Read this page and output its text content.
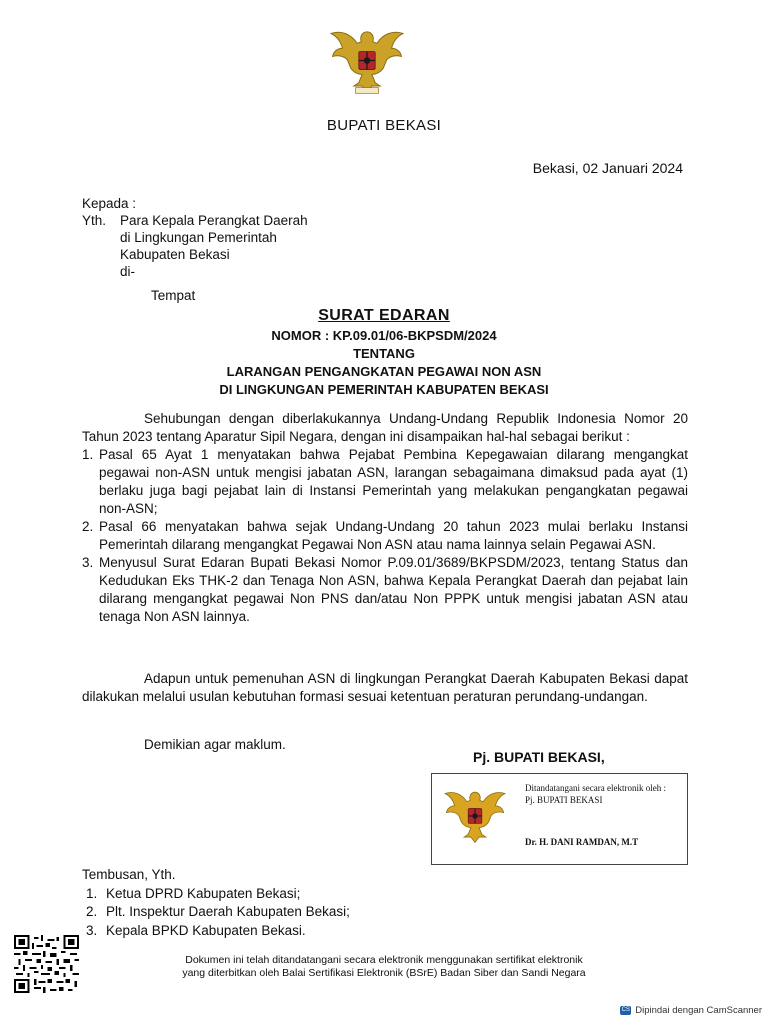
BUPATI BEKASI
Bekasi, 02 Januari 2024
Kepada :
Yth.	Para Kepala Perangkat Daerah
di Lingkungan Pemerintah
Kabupaten Bekasi
di-
Tempat
SURAT EDARAN
NOMOR : KP.09.01/06-BKPSDM/2024
TENTANG
LARANGAN PENGANGKATAN PEGAWAI NON ASN
DI LINGKUNGAN PEMERINTAH KABUPATEN BEKASI

Sehubungan dengan diberlakukannya Undang-Undang Republik Indonesia Nomor 20 Tahun 2023 tentang Aparatur Sipil Negara, dengan ini disampaikan hal-hal sebagai berikut :

1. Pasal 65 Ayat 1 menyatakan bahwa Pejabat Pembina Kepegawaian dilarang mengangkat pegawai non-ASN untuk mengisi jabatan ASN, larangan sebagaimana dimaksud pada ayat (1) berlaku juga bagi pejabat lain di Instansi Pemerintah yang melakukan pengangkatan pegawai non-ASN;
2. Pasal 66 menyatakan bahwa sejak Undang-Undang 20 tahun 2023 mulai berlaku Instansi Pemerintah dilarang mengangkat Pegawai Non ASN atau nama lainnya selain Pegawai ASN.
3. Menyusul Surat Edaran Bupati Bekasi Nomor P.09.01/3689/BKPSDM/2023, tentang Status dan Kedudukan Eks THK-2 dan Tenaga Non ASN, bahwa Kepala Perangkat Daerah dan pejabat lain dilarang mengangkat pegawai Non PNS dan/atau Non PPPK untuk mengisi jabatan ASN atau tenaga Non ASN lainnya.
Adapun untuk pemenuhan ASN di lingkungan Perangkat Daerah Kabupaten Bekasi dapat dilakukan melalui usulan kebutuhan formasi sesuai ketentuan peraturan perundang-undangan.
Demikian agar maklum.
Pj. BUPATI BEKASI,
Ditandatangani secara elektronik oleh :
Pj. BUPATI BEKASI
Dr. H. DANI RAMDAN, M.T
Tembusan, Yth.
1. Ketua DPRD Kabupaten Bekasi;
2. Plt. Inspektur Daerah Kabupaten Bekasi;
3. Kepala BPKD Kabupaten Bekasi.
Dokumen ini telah ditandatangani secara elektronik menggunakan sertifikat elektronik
yang diterbitkan oleh Balai Sertifikasi Elektronik (BSrE) Badan Siber dan Sandi Negara
CS Dipindai dengan CamScanner
